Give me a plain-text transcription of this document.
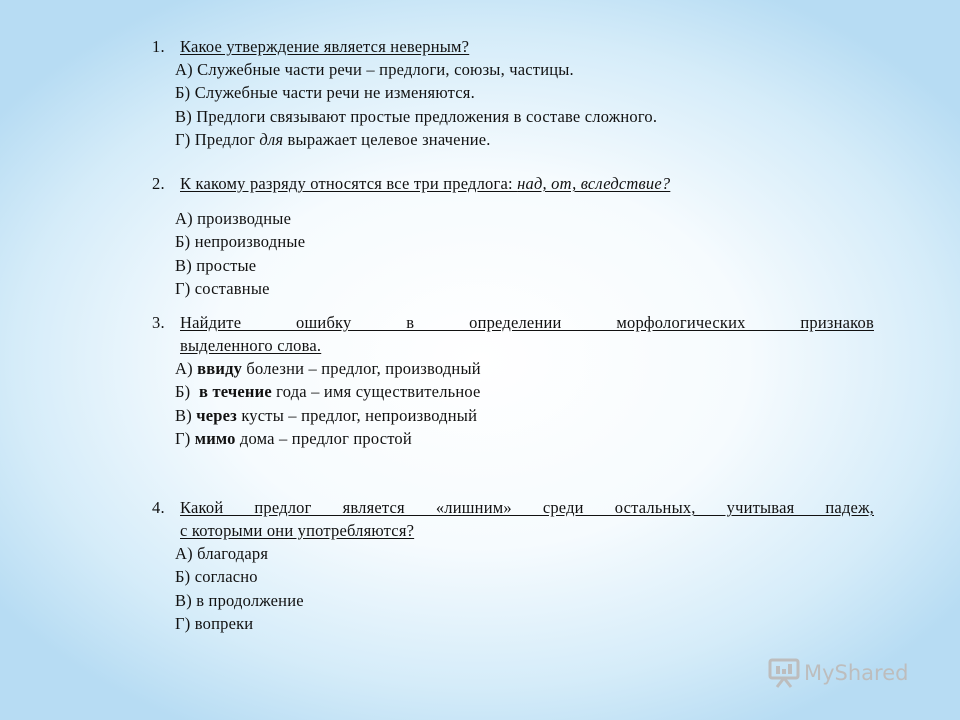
1. Какое утверждение является неверным?
А) Служебные части речи – предлоги, союзы, частицы.
Б) Служебные части речи не изменяются.
В) Предлоги связывают простые предложения в составе сложного.
Г) Предлог для выражает целевое значение.
2. К какому разряду относятся все три предлога: над, от, вследствие?
А) производные
Б) непроизводные
В) простые
Г) составные
3. Найдите ошибку в определении морфологических признаков
выделенного слова.
А) ввиду болезни – предлог, производный
Б)  в течение года – имя существительное
В) через кусты – предлог, непроизводный
Г) мимо дома – предлог простой
4. Какой предлог является «лишним» среди остальных, учитывая падеж,
с которыми они употребляются?
А) благодаря
Б) согласно
В) в продолжение
Г) вопреки
MyShared
